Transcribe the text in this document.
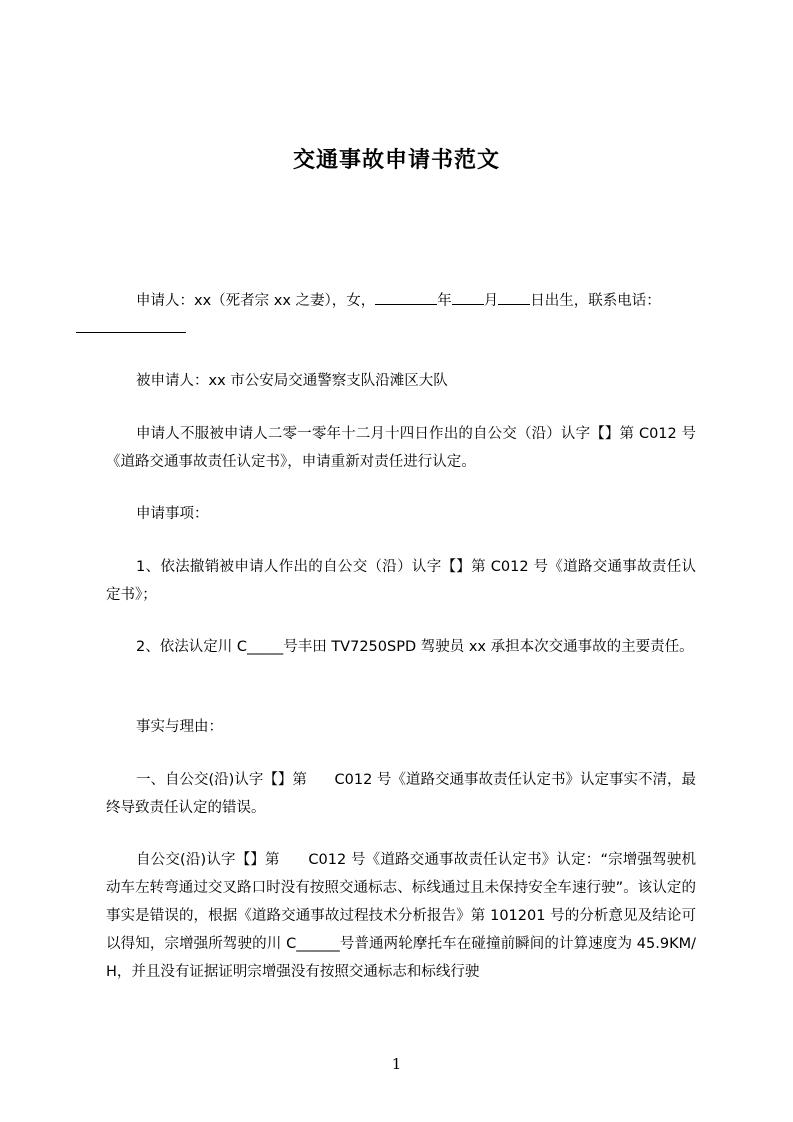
交通事故申请书范文

申请人：xx（死者宗 xx 之妻），女，	年 月 日出生，联系电话：

被申请人：xx 市公安局交通警察支队沿滩区大队

申请人不服被申请人二零一零年十二月十四日作出的自公交（沿）认字【】第 C012 号《道路交通事故责任认定书》，申请重新对责任进行认定。

申请事项：

1、依法撤销被申请人作出的自公交（沿）认字【】第 C012 号《道路交通事故责任认定书》；

2、依法认定川 C_____号丰田 TV7250SPD 驾驶员 xx 承担本次交通事故的主要责任。

事实与理由：

一、自公交(沿)认字【】第      C012 号《道路交通事故责任认定书》认定事实不清，最终导致责任认定的错误。

自公交(沿)认字【】第      C012 号《道路交通事故责任认定书》认定：“宗增强驾驶机动车左转弯通过交叉路口时没有按照交通标志、标线通过且未保持安全车速行驶”。该认定的事实是错误的，根据《道路交通事故过程技术分析报告》第 101201 号的分析意见及结论可以得知，宗增强所驾驶的川 C______号普通两轮摩托车在碰撞前瞬间的计算速度为 45.9KM/H，并且没有证据证明宗增强没有按照交通标志和标线行驶

1
